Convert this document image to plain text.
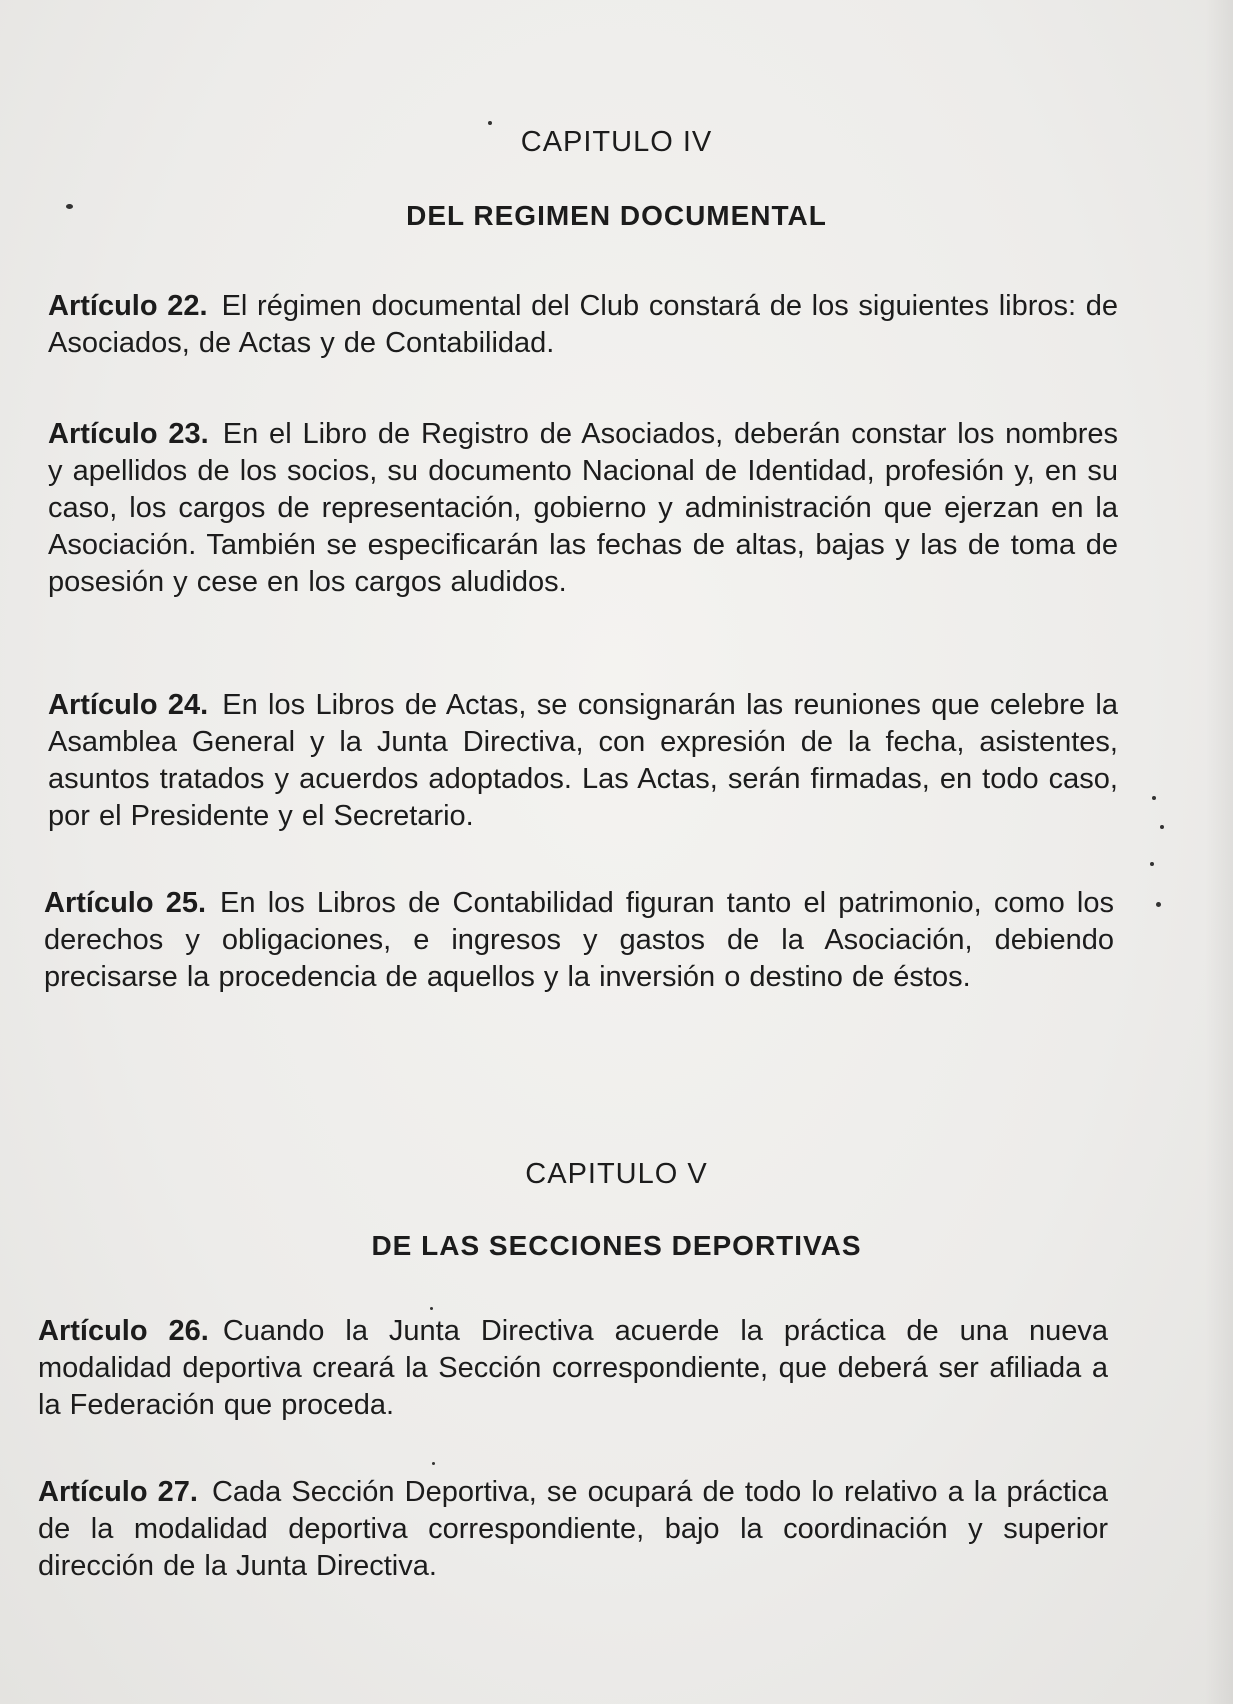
CAPITULO IV
DEL REGIMEN DOCUMENTAL

Artículo 22. El régimen documental del Club constará de los siguientes libros: de Asociados, de Actas y de Contabilidad.

Artículo 23. En el Libro de Registro de Asociados, deberán constar los nombres y apellidos de los socios, su documento Nacional de Identidad, profesión y, en su caso, los cargos de representación, gobierno y administración que ejerzan en la Asociación. También se especificarán las fechas de altas, bajas y las de toma de posesión y cese en los cargos aludidos.

Artículo 24. En los Libros de Actas, se consignarán las reuniones que celebre la Asamblea General y la Junta Directiva, con expresión de la fecha, asistentes, asuntos tratados y acuerdos adoptados. Las Actas, serán firmadas, en todo caso, por el Presidente y el Secretario.

Artículo 25. En los Libros de Contabilidad figuran tanto el patrimonio, como los derechos y obligaciones, e ingresos y gastos de la Asociación, debiendo precisarse la procedencia de aquellos y la inversión o destino de éstos.

CAPITULO V
DE LAS SECCIONES DEPORTIVAS

Artículo 26. Cuando la Junta Directiva acuerde la práctica de una nueva modalidad deportiva creará la Sección correspondiente, que deberá ser afiliada a la Federación que proceda.

Artículo 27. Cada Sección Deportiva, se ocupará de todo lo relativo a la práctica de la modalidad deportiva correspondiente, bajo la coordinación y superior dirección de la Junta Directiva.
